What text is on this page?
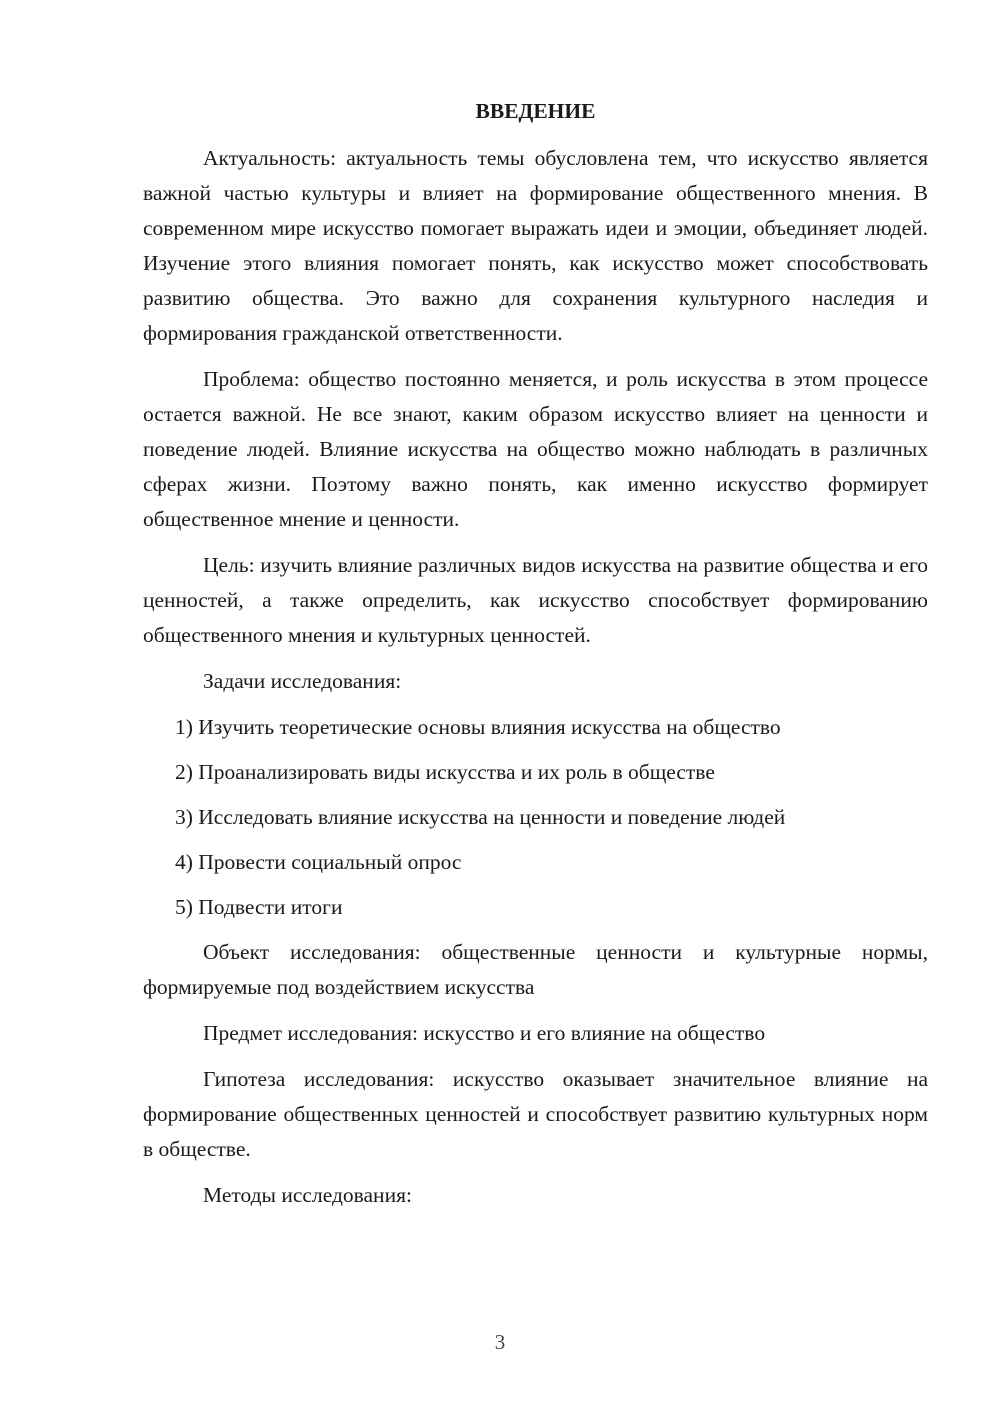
ВВЕДЕНИЕ

Актуальность: актуальность темы обусловлена тем, что искусство является важной частью культуры и влияет на формирование общественного мнения. В современном мире искусство помогает выражать идеи и эмоции, объединяет людей. Изучение этого влияния помогает понять, как искусство может способствовать развитию общества. Это важно для сохранения культурного наследия и формирования гражданской ответственности.

Проблема: общество постоянно меняется, и роль искусства в этом процессе остается важной. Не все знают, каким образом искусство влияет на ценности и поведение людей. Влияние искусства на общество можно наблюдать в различных сферах жизни. Поэтому важно понять, как именно искусство формирует общественное мнение и ценности.

Цель: изучить влияние различных видов искусства на развитие общества и его ценностей, а также определить, как искусство способствует формированию общественного мнения и культурных ценностей.

Задачи исследования:

1) Изучить теоретические основы влияния искусства на общество

2) Проанализировать виды искусства и их роль в обществе

3) Исследовать влияние искусства на ценности и поведение людей

4) Провести социальный опрос

5) Подвести итоги

Объект исследования: общественные ценности и культурные нормы, формируемые под воздействием искусства

Предмет исследования: искусство и его влияние на общество

Гипотеза исследования: искусство оказывает значительное влияние на формирование общественных ценностей и способствует развитию культурных норм в обществе.

Методы исследования:

3
